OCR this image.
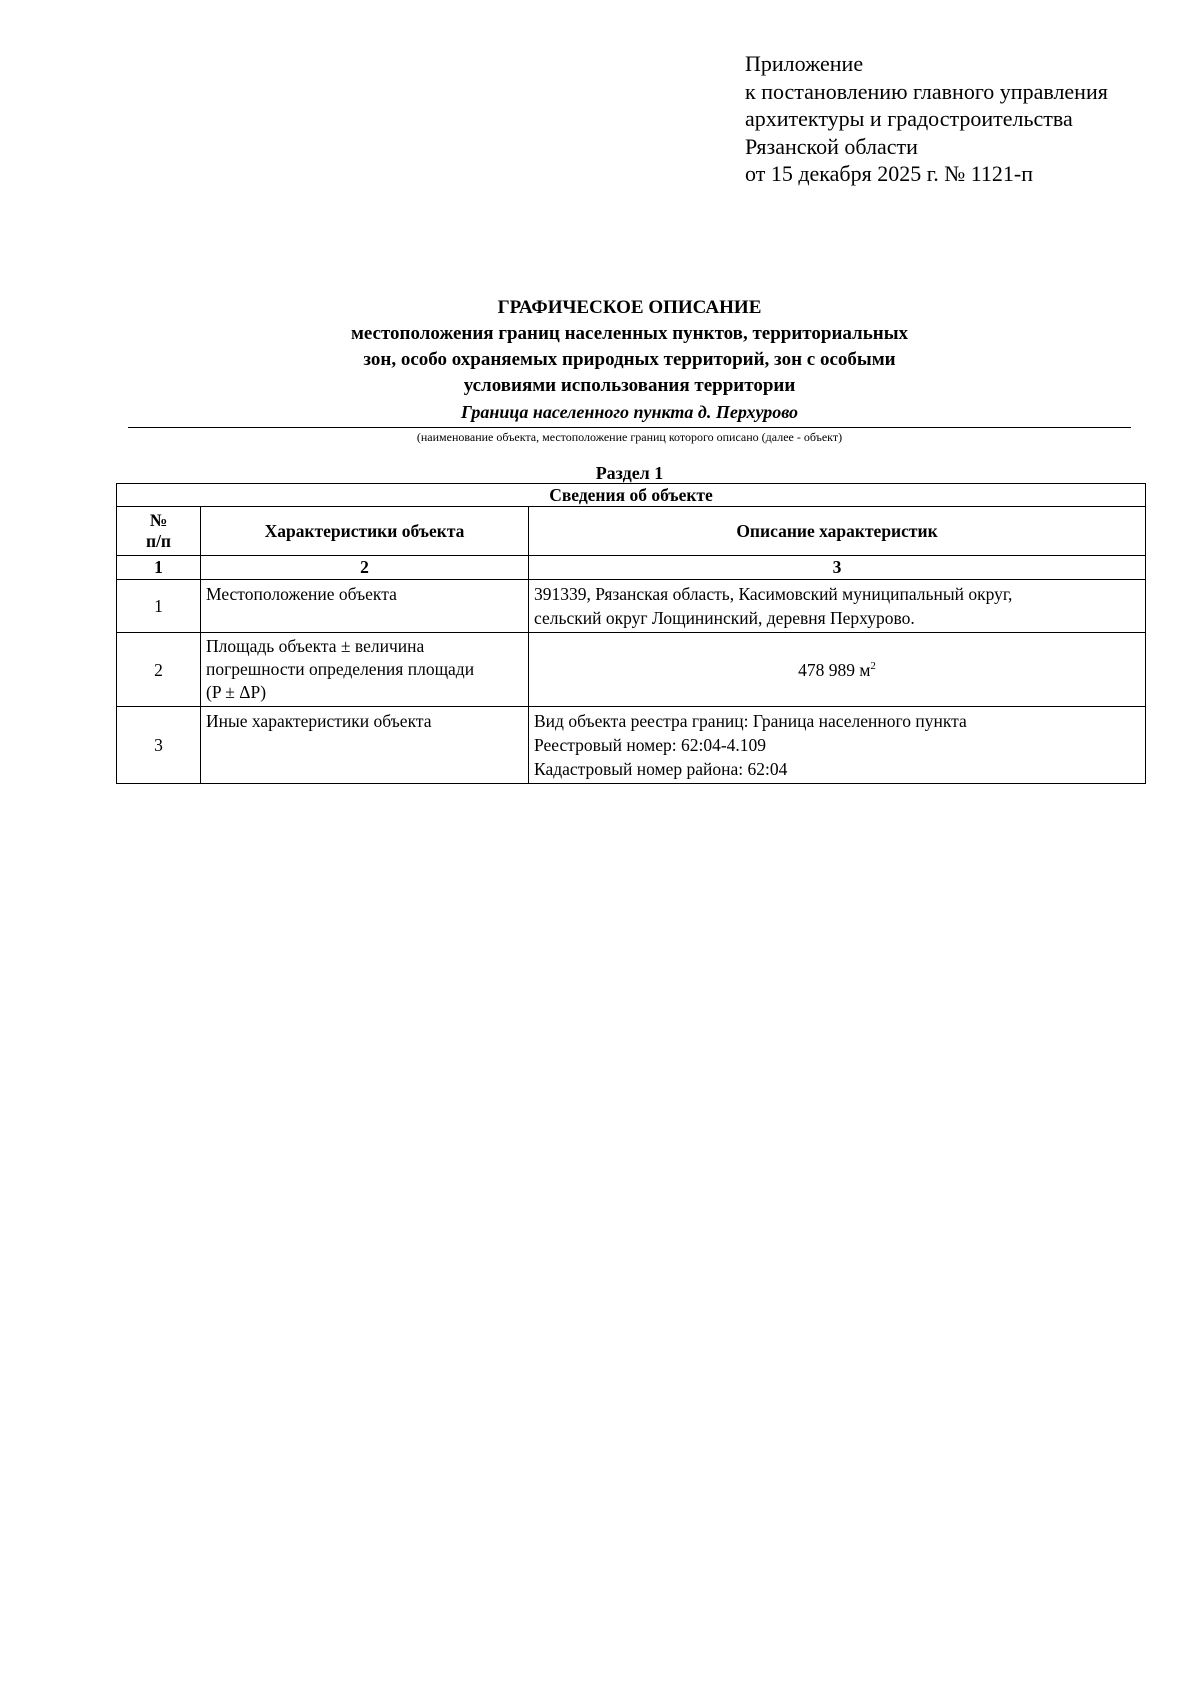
Приложение
к постановлению главного управления
архитектуры и градостроительства
Рязанской области
от 15 декабря 2025 г. № 1121-п
ГРАФИЧЕСКОЕ ОПИСАНИЕ
местоположения границ населенных пунктов, территориальных
зон, особо охраняемых природных территорий, зон с особыми
условиями использования территории
Граница населенного пункта д. Перхурово
(наименование объекта, местоположение границ которого описано (далее - объект)
Раздел 1
Сведения об объекте		

№
п/п	Характеристики объекта	Описание характеристик
1	2	3
1	Местоположение объекта	391339, Рязанская область, Касимовский муниципальный округ,
сельский округ Лощининский, деревня Перхурово.

2	Площадь объекта ± величина
погрешности определения площади
(P ± ΔP)	478 989 $м^2$
3	Иные характеристики объекта	Вид объекта реестра границ: Граница населенного пункта
Реестровый номер: 62:04-4.109
Кадастровый номер района: 62:04
